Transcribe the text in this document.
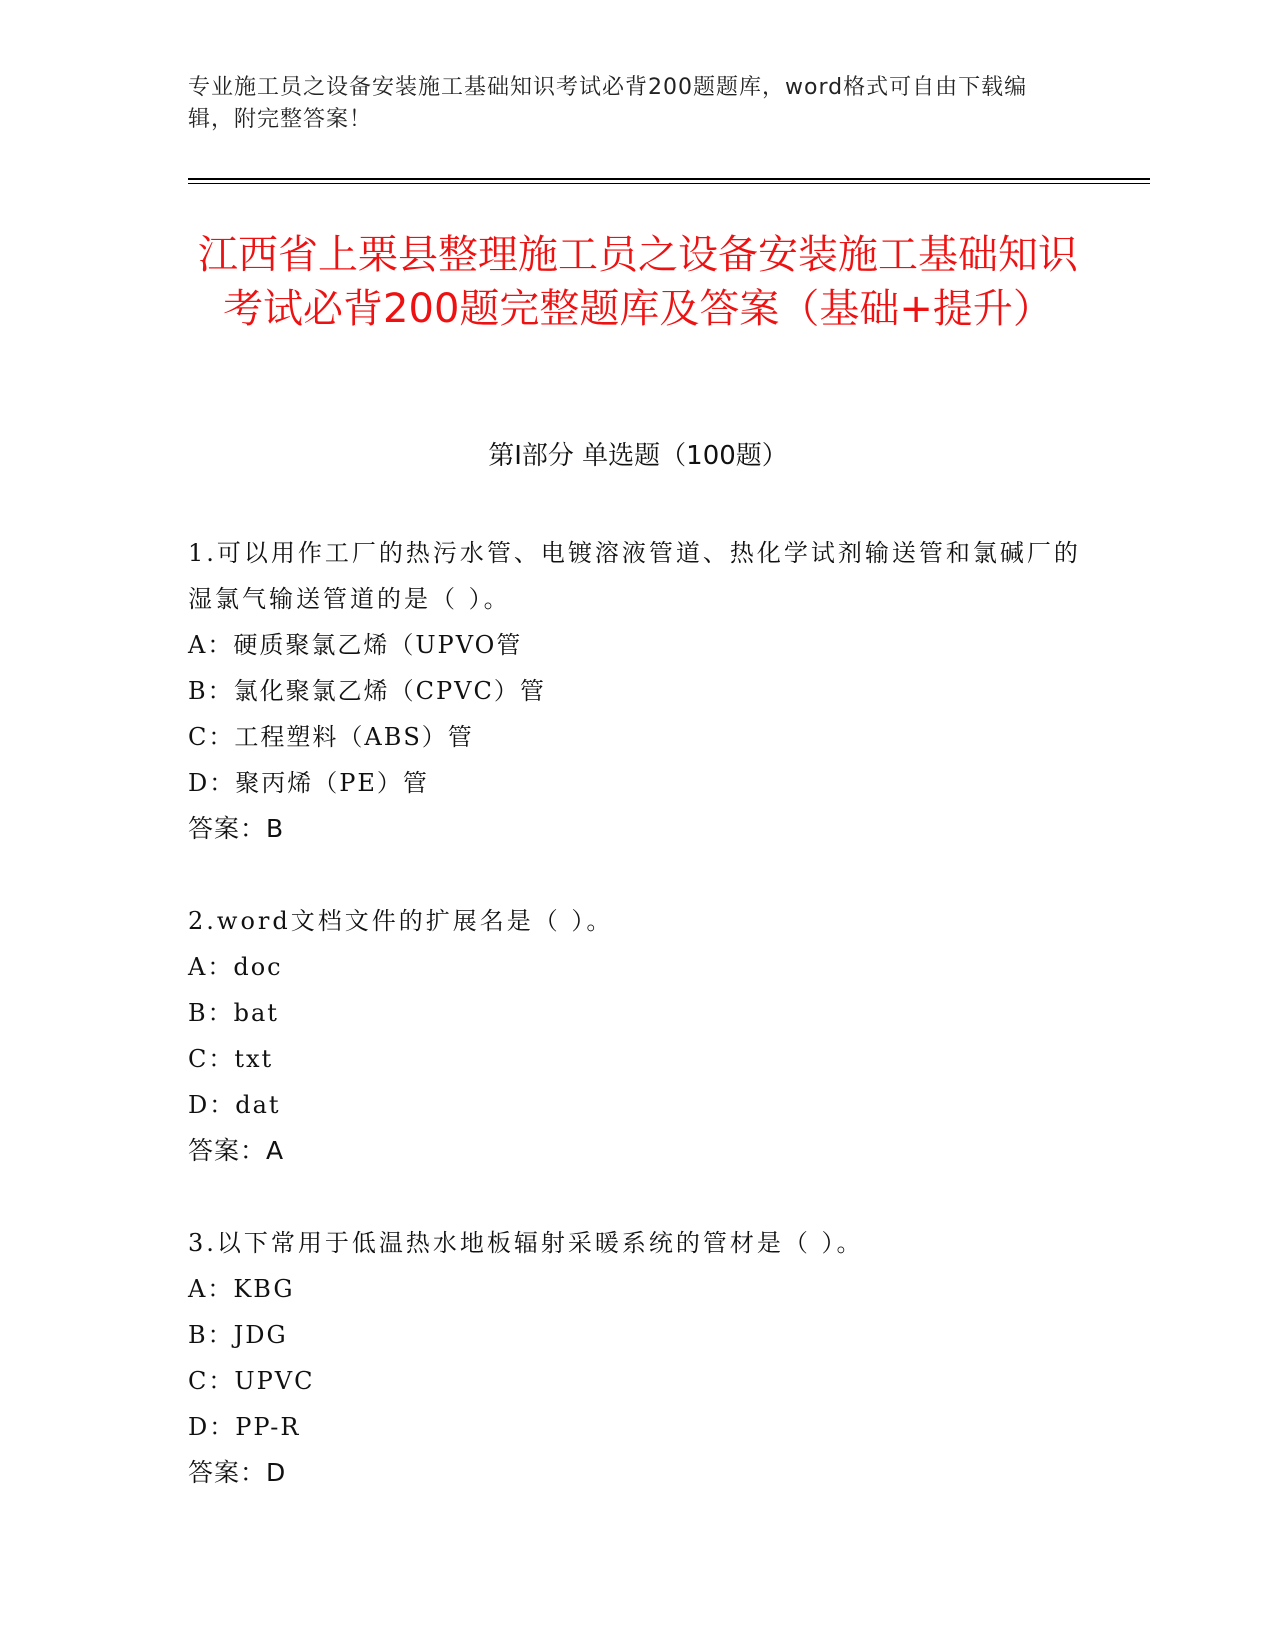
专业施工员之设备安装施工基础知识考试必背200题题库，word格式可自由下载编辑，附完整答案！
江西省上栗县整理施工员之设备安装施工基础知识考试必背200题完整题库及答案（基础+提升）
第I部分 单选题（100题）
1.可以用作工厂的热污水管、电镀溶液管道、热化学试剂输送管和氯碱厂的湿氯气输送管道的是（ ）。
A：硬质聚氯乙烯（UPVO管
B：氯化聚氯乙烯（CPVC）管
C：工程塑料（ABS）管
D：聚丙烯（PE）管
答案：B
2.word文档文件的扩展名是（ ）。
A：doc
B：bat
C：txt
D：dat
答案：A
3.以下常用于低温热水地板辐射采暖系统的管材是（ ）。
A：KBG
B：JDG
C：UPVC
D：PP-R
答案：D
